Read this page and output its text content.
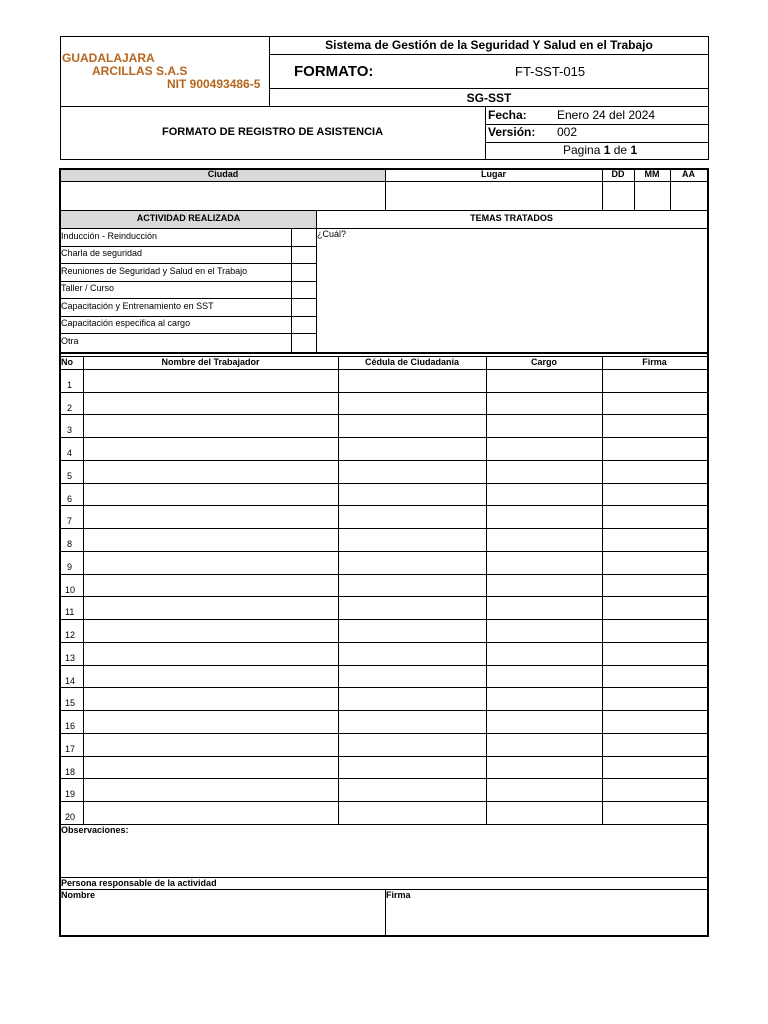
GUADALAJARA
ARCILLAS S.A.S
NIT 900493486-5
Sistema de Gestión de la Seguridad Y Salud en el Trabajo
FORMATO:	FT-SST-015
SG-SST
FORMATO DE REGISTRO DE ASISTENCIA
Fecha:	Enero 24 del 2024
Versión: 002
Pagina 1 de 1
Ciudad	Lugar	DD	MM	AA
ACTIVIDAD REALIZADA	TEMAS TRATADOS
¿Cuál?
Inducción - Reinducción
Charla de seguridad
Reuniones de Seguridad y Salud en el Trabajo
Taller / Curso
Capacitación y Entrenamiento en SST
Capacitación especifica al cargo
Otra
No	Nombre del Trabajador	Cédula de Ciudadanía	Cargo	Firma
1
2
3
4
5
6
7
8
9
10
11
12
13
14
15
16
17
18
19
20
Observaciones:
Persona responsable de la actividad
Nombre	Firma
